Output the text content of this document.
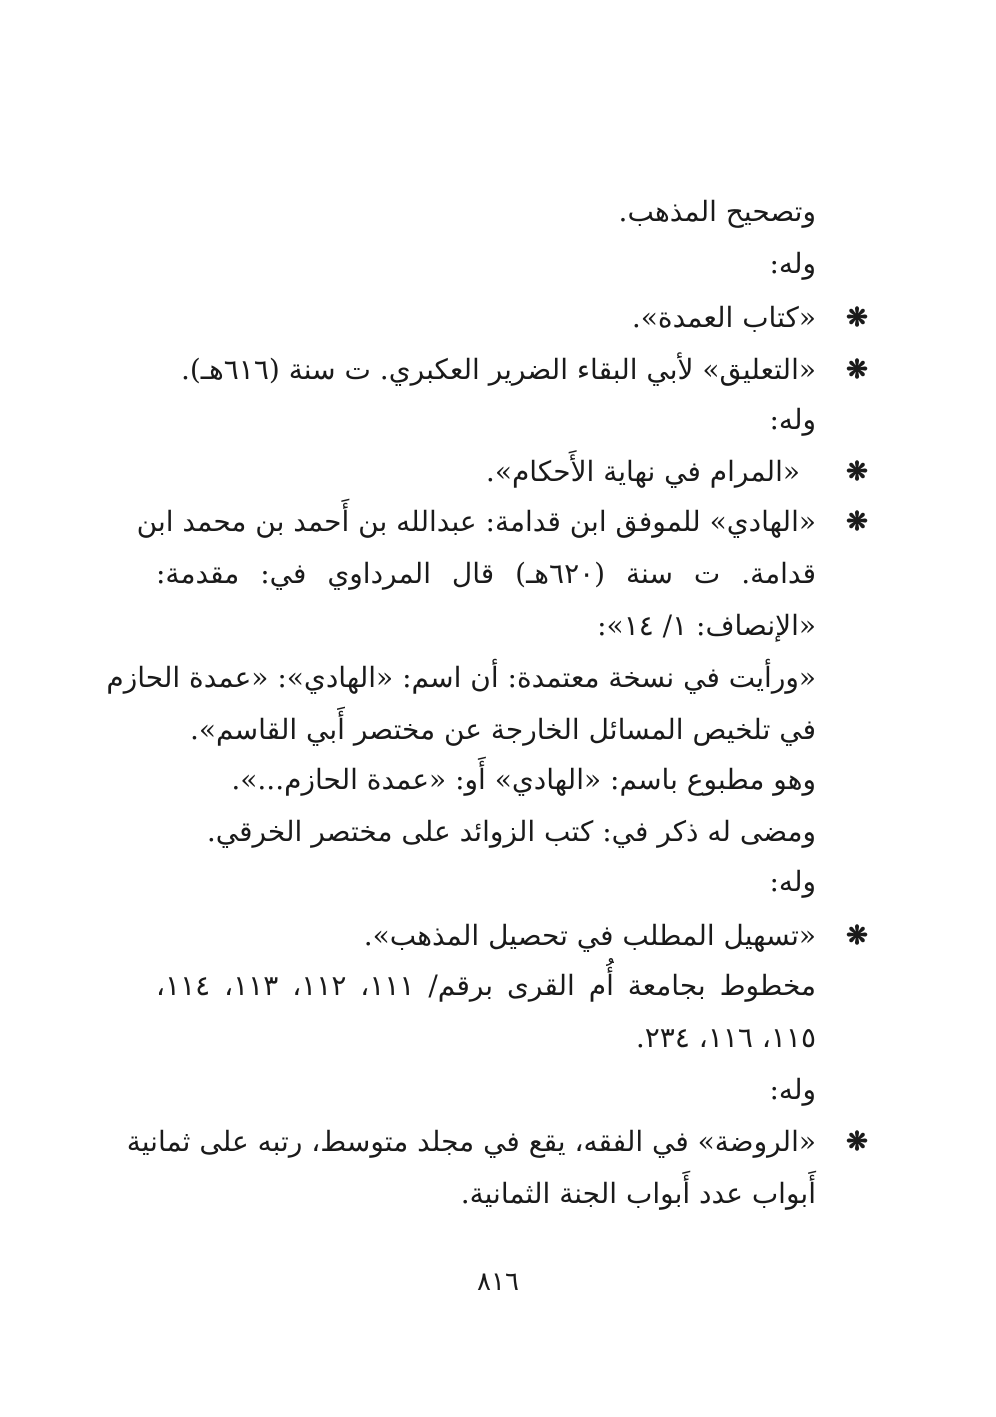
وتصحيح المذهب.
وله:
❋
«كتاب العمدة».
❋
«التعليق» لأبي البقاء الضرير العكبري. ت سنة (٦١٦هـ).
وله:
❋
«المرام في نهاية الأَحكام».
❋
«الهادي» للموفق ابن قدامة: عبدالله بن أَحمد بن محمد ابن
قدامة. ت سنة (٦٢٠هـ) قال المرداوي في: مقدمة:
«الإنصاف: ١/ ١٤»:
«ورأيت في نسخة معتمدة: أن اسم: «الهادي»: «عمدة الحازم
في تلخيص المسائل الخارجة عن مختصر أَبي القاسم».
وهو مطبوع باسم: «الهادي» أَو: «عمدة الحازم...».
ومضى له ذكر في: كتب الزوائد على مختصر الخرقي.
وله:
❋
«تسهيل المطلب في تحصيل المذهب».
مخطوط بجامعة أُم القرى برقم/ ١١١، ١١٢، ١١٣، ١١٤،
١١٥، ١١٦، ٢٣٤.
وله:
❋
«الروضة» في الفقه، يقع في مجلد متوسط، رتبه على ثمانية
أَبواب عدد أَبواب الجنة الثمانية.
٨١٦
